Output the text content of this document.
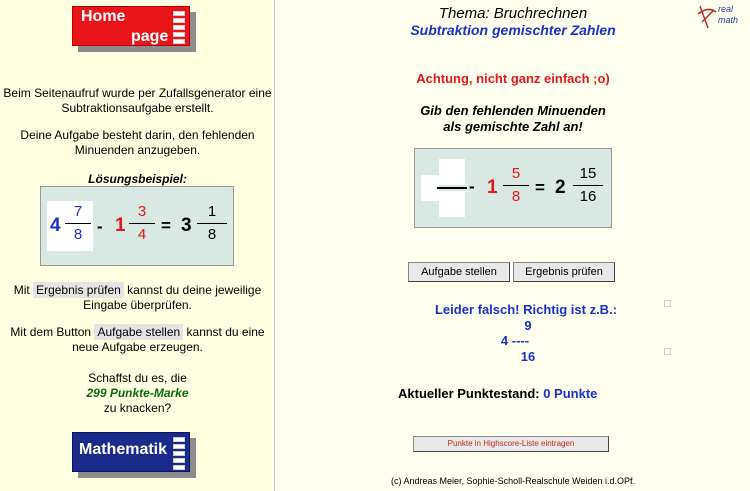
Home
page
Beim Seitenaufruf wurde per Zufallsgenerator eine
Subtraktionsaufgabe erstellt.
Deine Aufgabe besteht darin, den fehlenden
Minuenden anzugeben.
Lösungsbeispiel:
4
7
8 - 1
3
4 = 3
1
8
Mit Ergebnis prüfen kannst du deine jeweilige
Eingabe überprüfen.
Mit dem Button Aufgabe stellen kannst du eine
neue Aufgabe erzeugen.
Schaffst du es, die
299 Punkte-Marke
zu knacken?
Mathematik
real
math
Thema: Bruchrechnen
Subtraktion gemischter Zahlen
Achtung, nicht ganz einfach ;o)
Gib den fehlenden Minuenden
als gemischte Zahl an!
- 1
5
8 = 2
15
16
Aufgabe stellen	Ergebnis prüfen
Leider falsch! Richtig ist z.B.:
9
4 ----
16
Aktueller Punktestand: 0 Punkte
Punkte in Highscore-Liste eintragen
(c) Andreas Meier, Sophie-Scholl-Realschule Weiden i.d.OPf.
